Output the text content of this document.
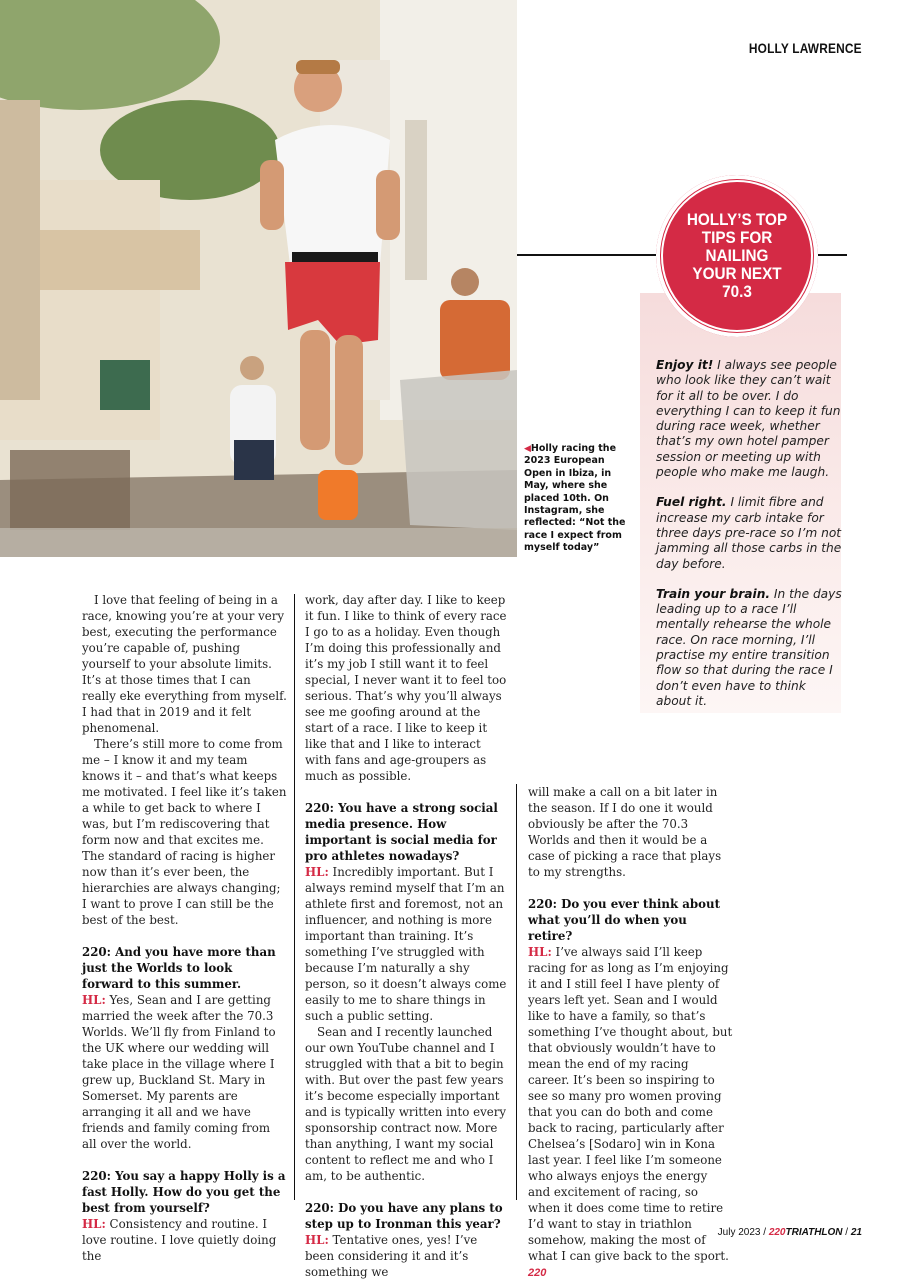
HOLLY LAWRENCE
◀Holly racing the 2023 European Open in Ibiza, in May, where she placed 10th. On Instagram, she reflected: “Not the race I expect from myself today”
HOLLY’S TOP TIPS FOR NAILING YOUR NEXT 70.3

Enjoy it! I always see people who look like they can’t wait for it all to be over. I do everything I can to keep it fun during race week, whether that’s my own hotel pamper session or meeting up with people who make me laugh.

Fuel right. I limit fibre and increase my carb intake for three days pre-race so I’m not jamming all those carbs in the day before.

Train your brain. In the days leading up to a race I’ll mentally rehearse the whole race. On race morning, I’ll practise my entire transition flow so that during the race I don’t even have to think about it.

I love that feeling of being in a race, knowing you’re at your very best, executing the performance you’re capable of, pushing yourself to your absolute limits. It’s at those times that I can really eke everything from myself. I had that in 2019 and it felt phenomenal.

There’s still more to come from me – I know it and my team knows it – and that’s what keeps me motivated. I feel like it’s taken a while to get back to where I was, but I’m rediscovering that form now and that excites me. The standard of racing is higher now than it’s ever been, the hierarchies are always changing; I want to prove I can still be the best of the best.

220: And you have more than just the Worlds to look forward to this summer.

HL: Yes, Sean and I are getting married the week after the 70.3 Worlds. We’ll fly from Finland to the UK where our wedding will take place in the village where I grew up, Buckland St. Mary in Somerset. My parents are arranging it all and we have friends and family coming from all over the world.

220: You say a happy Holly is a fast Holly. How do you get the best from yourself?

HL: Consistency and routine. I love routine. I love quietly doing the

work, day after day. I like to keep it fun. I like to think of every race I go to as a holiday. Even though I’m doing this professionally and it’s my job I still want it to feel special, I never want it to feel too serious. That’s why you’ll always see me goofing around at the start of a race. I like to keep it like that and I like to interact with fans and age-groupers as much as possible.

220: You have a strong social media presence. How important is social media for pro athletes nowadays?

HL: Incredibly important. But I always remind myself that I’m an athlete first and foremost, not an influencer, and nothing is more important than training. It’s something I’ve struggled with because I’m naturally a shy person, so it doesn’t always come easily to me to share things in such a public setting.

Sean and I recently launched our own YouTube channel and I struggled with that a bit to begin with. But over the past few years it’s become especially important and is typically written into every sponsorship contract now. More than anything, I want my social content to reflect me and who I am, to be authentic.

220: Do you have any plans to step up to Ironman this year?

HL: Tentative ones, yes! I’ve been considering it and it’s something we

will make a call on a bit later in the season. If I do one it would obviously be after the 70.3 Worlds and then it would be a case of picking a race that plays to my strengths.

220: Do you ever think about what you’ll do when you retire?

HL: I’ve always said I’ll keep racing for as long as I’m enjoying it and I still feel I have plenty of years left yet. Sean and I would like to have a family, so that’s something I’ve thought about, but that obviously wouldn’t have to mean the end of my racing career. It’s been so inspiring to see so many pro women proving that you can do both and come back to racing, particularly after Chelsea’s [Sodaro] win in Kona last year. I feel like I’m someone who always enjoys the energy and excitement of racing, so when it does come time to retire I’d want to stay in triathlon somehow, making the most of what I can give back to the sport. 220

July 2023 / 220TRIATHLON / 21
